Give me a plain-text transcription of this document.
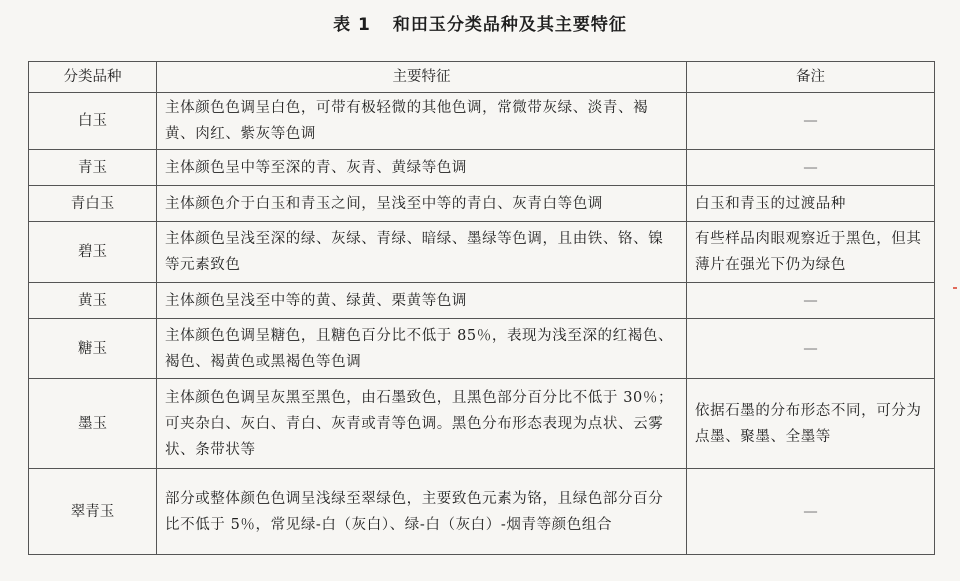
表 1 和田玉分类品种及其主要特征
分类品种	主要特征	备注
白玉	主体颜色色调呈白色，可带有极轻微的其他色调，常微带灰绿、淡青、褐黄、肉红、紫灰等色调	—
青玉	主体颜色呈中等至深的青、灰青、黄绿等色调	—
青白玉	主体颜色介于白玉和青玉之间，呈浅至中等的青白、灰青白等色调	白玉和青玉的过渡品种
碧玉	主体颜色呈浅至深的绿、灰绿、青绿、暗绿、墨绿等色调，且由铁、铬、镍等元素致色	有些样品肉眼观察近于黑色，但其薄片在强光下仍为绿色
黄玉	主体颜色呈浅至中等的黄、绿黄、栗黄等色调	—
糖玉	主体颜色色调呈糖色，且糖色百分比不低于 85％，表现为浅至深的红褐色、褐色、褐黄色或黑褐色等色调	—
墨玉	主体颜色色调呈灰黑至黑色，由石墨致色，且黑色部分百分比不低于 30％；可夹杂白、灰白、青白、灰青或青等色调。黑色分布形态表现为点状、云雾状、条带状等	依据石墨的分布形态不同，可分为点墨、聚墨、全墨等
翠青玉	部分或整体颜色色调呈浅绿至翠绿色，主要致色元素为铬，且绿色部分百分比不低于 5％，常见绿-白（灰白）、绿-白（灰白）-烟青等颜色组合	—
